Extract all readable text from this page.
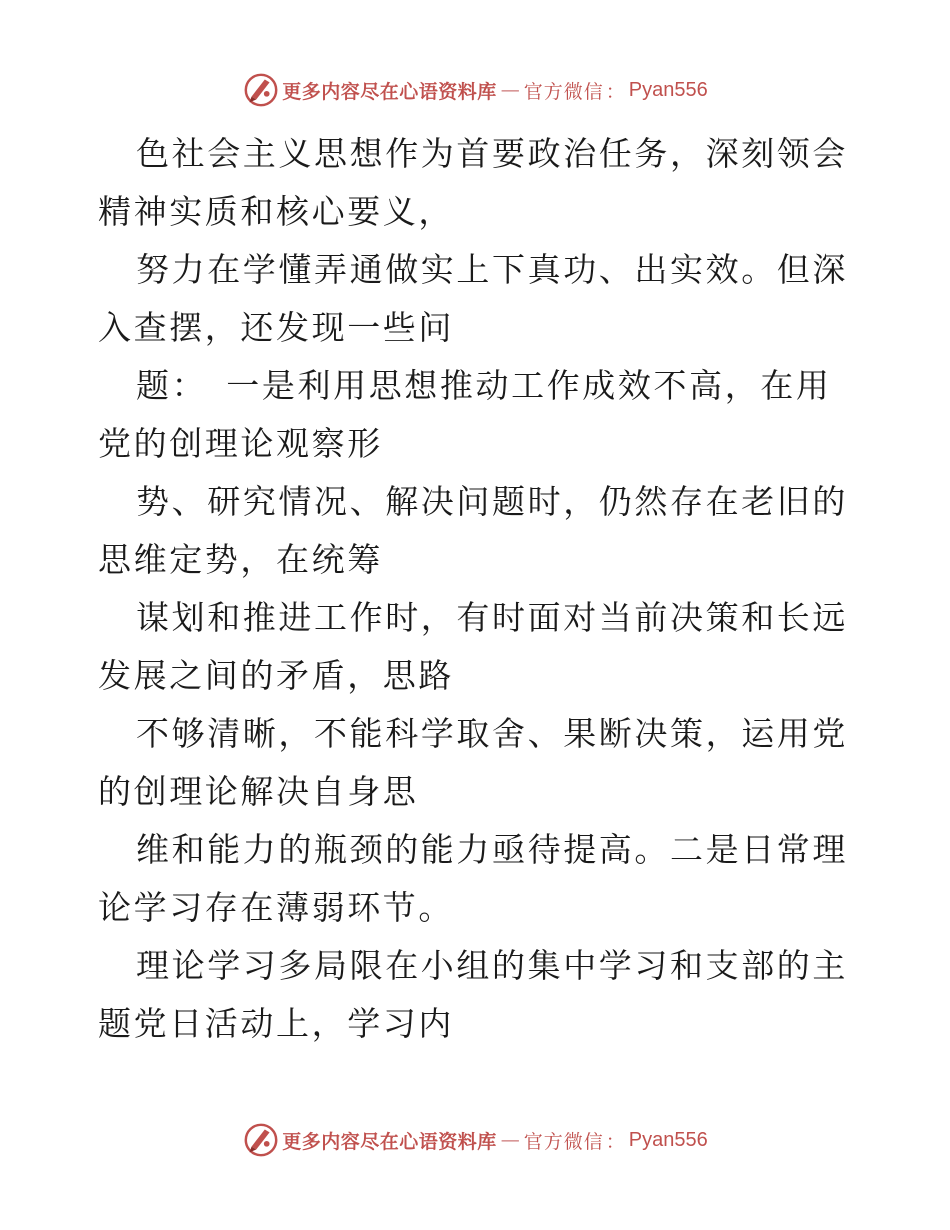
更多内容尽在心语资料库 — 官方微信 ： Pyan556

色社会主义思想作为首要政治任务，深刻领会精神实质和核心要义，

努力在学懂弄通做实上下真功、出实效。但深入查摆，还发现一些问

题：　一是利用思想推动工作成效不高，在用党的创理论观察形

势、研究情况、解决问题时，仍然存在老旧的思维定势，在统筹

谋划和推进工作时，有时面对当前决策和长远发展之间的矛盾，思路

不够清晰，不能科学取舍、果断决策，运用党的创理论解决自身思

维和能力的瓶颈的能力亟待提高。二是日常理论学习存在薄弱环节。

理论学习多局限在小组的集中学习和支部的主题党日活动上，学习内

更多内容尽在心语资料库 — 官方微信 ： Pyan556
